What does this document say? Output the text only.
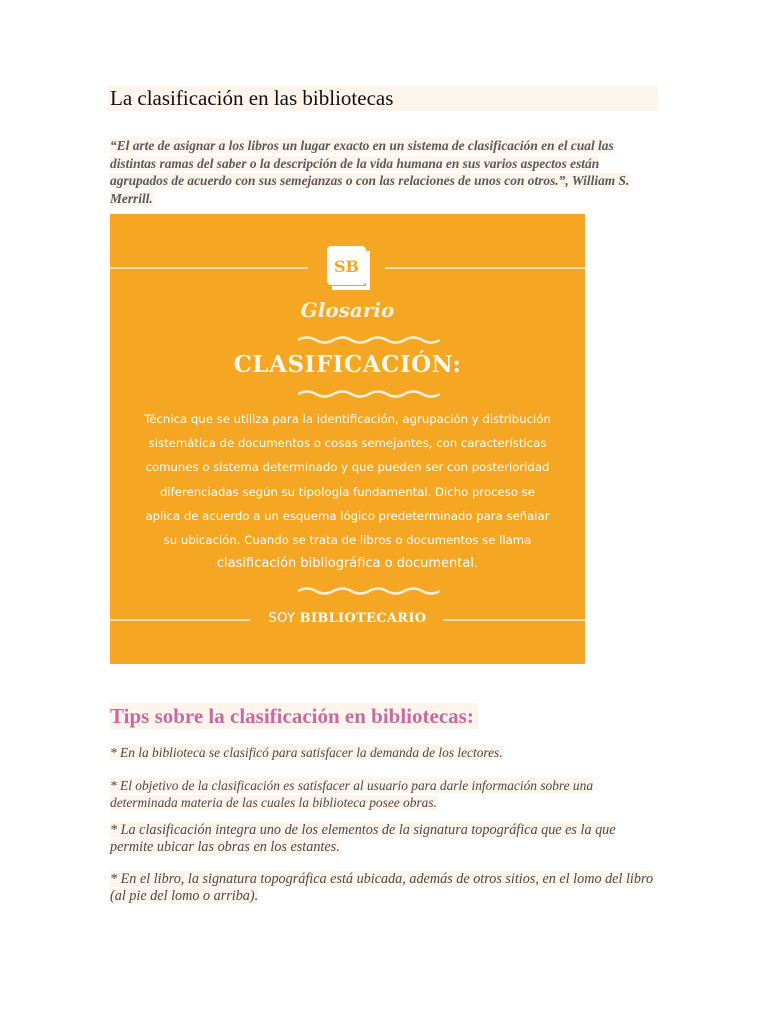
La clasificación en las bibliotecas
“El arte de asignar a los libros un lugar exacto en un sistema de clasificación en el cual las distintas ramas del saber o la descripción de la vida humana en sus varios aspectos están agrupados de acuerdo con sus semejanzas o con las relaciones de unos con otros.”, William S. Merrill.
SB
Glosario
CLASIFICACIÓN:
Técnica que se utiliza para la identificación, agrupación y distribución
sistemática de documentos o cosas semejantes, con características
comunes o sistema determinado y que pueden ser con posterioridad
diferenciadas según su tipología fundamental. Dicho proceso se
aplica de acuerdo a un esquema lógico predeterminado para señalar
su ubicación. Cuando se trata de libros o documentos se llama
clasificación bibliográfica o documental.
SOY BIBLIOTECARIO
Tips sobre la clasificación en bibliotecas:
* En la biblioteca se clasificó para satisfacer la demanda de los lectores.
* El objetivo de la clasificación es satisfacer al usuario para darle información sobre una determinada materia de las cuales la biblioteca posee obras.
* La clasificación integra uno de los elementos de la signatura topográfica que es la que permite ubicar las obras en los estantes.
* En el libro, la signatura topográfica está ubicada, además de otros sitios, en el lomo del libro (al pie del lomo o arriba).
